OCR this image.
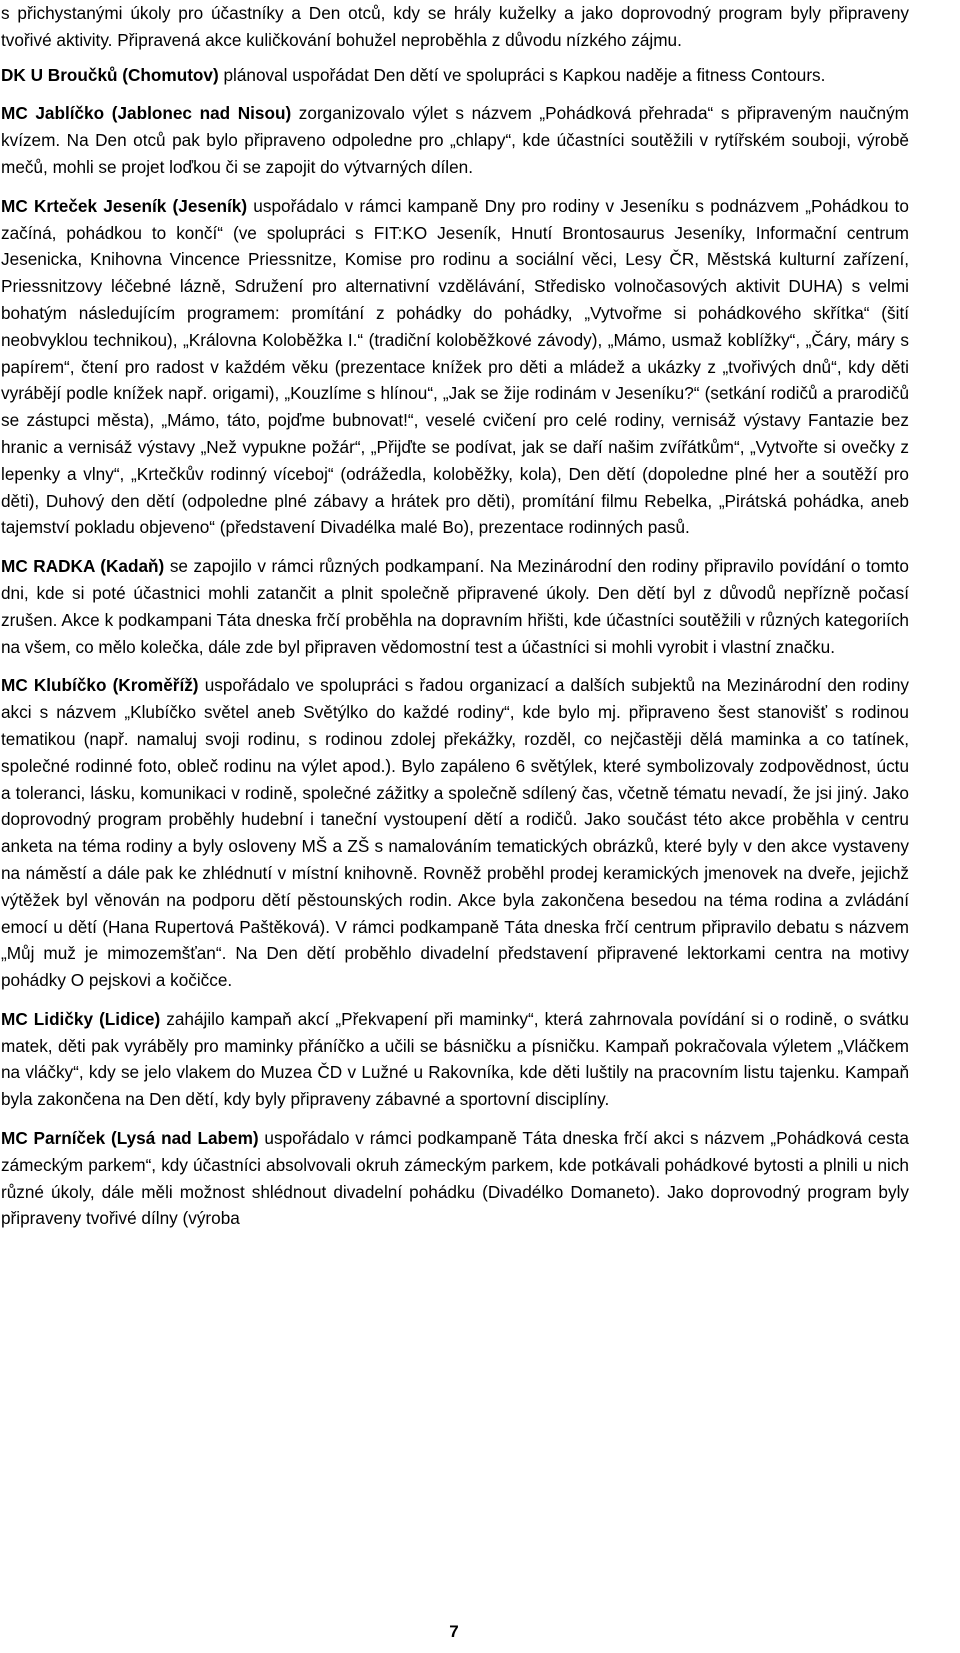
s přichystanými úkoly pro účastníky a Den otců, kdy se hrály kuželky a jako doprovodný program byly připraveny tvořivé aktivity. Připravená akce kuličkování bohužel neproběhla z důvodu nízkého zájmu.

DK U Broučků (Chomutov) plánoval uspořádat Den dětí ve spolupráci s Kapkou naděje a fitness Contours.

MC Jablíčko (Jablonec nad Nisou) zorganizovalo výlet s názvem „Pohádková přehrada“ s připraveným naučným kvízem. Na Den otců pak bylo připraveno odpoledne pro „chlapy“, kde účastníci soutěžili v rytířském souboji, výrobě mečů, mohli se projet loďkou či se zapojit do výtvarných dílen.

MC Krteček Jeseník (Jeseník) uspořádalo v rámci kampaně Dny pro rodiny v Jeseníku s podnázvem „Pohádkou to začíná, pohádkou to končí“ (ve spolupráci s FIT:KO Jeseník, Hnutí Brontosaurus Jeseníky, Informační centrum Jesenicka, Knihovna Vincence Priessnitze, Komise pro rodinu a sociální věci, Lesy ČR, Městská kulturní zařízení, Priessnitzovy léčebné lázně, Sdružení pro alternativní vzdělávání, Středisko volnočasových aktivit DUHA) s velmi bohatým následujícím programem: promítání z pohádky do pohádky, „Vytvořme si pohádkového skřítka“ (šití neobvyklou technikou), „Královna Koloběžka I.“ (tradiční koloběžkové závody), „Mámo, usmaž koblížky“, „Čáry, máry s papírem“, čtení pro radost v každém věku (prezentace knížek pro děti a mládež a ukázky z „tvořivých dnů“, kdy děti vyrábějí podle knížek např. origami), „Kouzlíme s hlínou“, „Jak se žije rodinám v Jeseníku?“ (setkání rodičů a prarodičů se zástupci města), „Mámo, táto, pojďme bubnovat!“, veselé cvičení pro celé rodiny, vernisáž výstavy Fantazie bez hranic a vernisáž výstavy „Než vypukne požár“, „Přijďte se podívat, jak se daří našim zvířátkům“, „Vytvořte si ovečky z lepenky a vlny“, „Krtečkův rodinný víceboj“ (odrážedla, koloběžky, kola), Den dětí (dopoledne plné her a soutěží pro děti), Duhový den dětí (odpoledne plné zábavy a hrátek pro děti), promítání filmu Rebelka, „Pirátská pohádka, aneb tajemství pokladu objeveno“ (představení Divadélka malé Bo), prezentace rodinných pasů.

MC RADKA (Kadaň) se zapojilo v rámci různých podkampaní. Na Mezinárodní den rodiny připravilo povídání o tomto dni, kde si poté účastnici mohli zatančit a plnit společně připravené úkoly. Den dětí byl z důvodů nepřízně počasí zrušen. Akce k podkampani Táta dneska frčí proběhla na dopravním hřišti, kde účastníci soutěžili v různých kategoriích na všem, co mělo kolečka, dále zde byl připraven vědomostní test a účastníci si mohli vyrobit i vlastní značku.

MC Klubíčko (Kroměříž) uspořádalo ve spolupráci s řadou organizací a dalších subjektů na Mezinárodní den rodiny akci s názvem „Klubíčko světel aneb Světýlko do každé rodiny“, kde bylo mj. připraveno šest stanovišť s rodinou tematikou (např. namaluj svoji rodinu, s rodinou zdolej překážky, rozděl, co nejčastěji dělá maminka a co tatínek, společné rodinné foto, obleč rodinu na výlet apod.). Bylo zapáleno 6 světýlek, které symbolizovaly zodpovědnost, úctu a toleranci, lásku, komunikaci v rodině, společné zážitky a společně sdílený čas, včetně tématu nevadí, že jsi jiný. Jako doprovodný program proběhly hudební i taneční vystoupení dětí a rodičů. Jako součást této akce proběhla v centru anketa na téma rodiny a byly osloveny MŠ a ZŠ s namalováním tematických obrázků, které byly v den akce vystaveny na náměstí a dále pak ke zhlédnutí v místní knihovně. Rovněž proběhl prodej keramických jmenovek na dveře, jejichž výtěžek byl věnován na podporu dětí pěstounských rodin. Akce byla zakončena besedou na téma rodina a zvládání emocí u dětí (Hana Rupertová Paštěková). V rámci podkampaně Táta dneska frčí centrum připravilo debatu s názvem „Můj muž je mimozemšťan“. Na Den dětí proběhlo divadelní představení připravené lektorkami centra na motivy pohádky O pejskovi a kočičce.

MC Lidičky (Lidice) zahájilo kampaň akcí „Překvapení při maminky“, která zahrnovala povídání si o rodině, o svátku matek, děti pak vyráběly pro maminky přáníčko a učili se básničku a písničku. Kampaň pokračovala výletem „Vláčkem na vláčky“, kdy se jelo vlakem do Muzea ČD v Lužné u Rakovníka, kde děti luštily na pracovním listu tajenku. Kampaň byla zakončena na Den dětí, kdy byly připraveny zábavné a sportovní disciplíny.

MC Parníček (Lysá nad Labem) uspořádalo v rámci podkampaně Táta dneska frčí akci s názvem „Pohádková cesta zámeckým parkem“, kdy účastníci absolvovali okruh zámeckým parkem, kde potkávali pohádkové bytosti a plnili u nich různé úkoly, dále měli možnost shlédnout divadelní pohádku (Divadélko Domaneto). Jako doprovodný program byly připraveny tvořivé dílny (výroba

7
